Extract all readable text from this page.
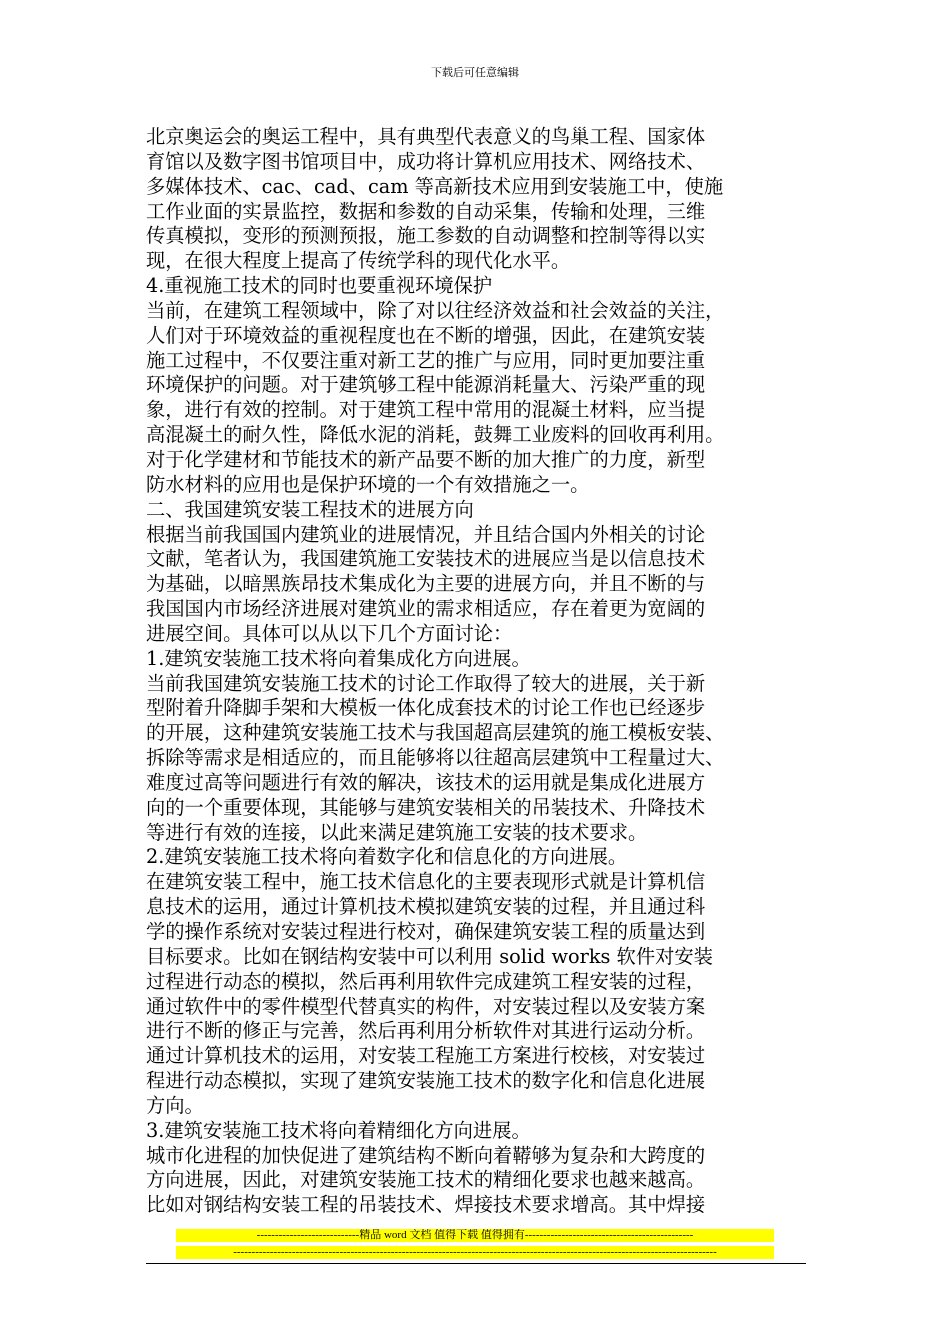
下载后可任意编辑
北京奥运会的奥运工程中，具有典型代表意义的鸟巢工程、国家体
育馆以及数字图书馆项目中，成功将计算机应用技术、网络技术、
多媒体技术、cac、cad、cam 等高新技术应用到安装施工中，使施
工作业面的实景监控，数据和参数的自动采集，传输和处理，三维
传真模拟，变形的预测预报，施工参数的自动调整和控制等得以实
现，在很大程度上提高了传统学科的现代化水平。
4.重视施工技术的同时也要重视环境保护
当前，在建筑工程领域中，除了对以往经济效益和社会效益的关注，
人们对于环境效益的重视程度也在不断的增强，因此，在建筑安装
施工过程中，不仅要注重对新工艺的推广与应用，同时更加要注重
环境保护的问题。对于建筑够工程中能源消耗量大、污染严重的现
象，进行有效的控制。对于建筑工程中常用的混凝土材料，应当提
高混凝土的耐久性，降低水泥的消耗，鼓舞工业废料的回收再利用。
对于化学建材和节能技术的新产品要不断的加大推广的力度，新型
防水材料的应用也是保护环境的一个有效措施之一。
二、我国建筑安装工程技术的进展方向
根据当前我国国内建筑业的进展情况，并且结合国内外相关的讨论
文献，笔者认为，我国建筑施工安装技术的进展应当是以信息技术
为基础，以暗黑族昂技术集成化为主要的进展方向，并且不断的与
我国国内市场经济进展对建筑业的需求相适应，存在着更为宽阔的
进展空间。具体可以从以下几个方面讨论：
1.建筑安装施工技术将向着集成化方向进展。
当前我国建筑安装施工技术的讨论工作取得了较大的进展，关于新
型附着升降脚手架和大模板一体化成套技术的讨论工作也已经逐步
的开展，这种建筑安装施工技术与我国超高层建筑的施工模板安装、
拆除等需求是相适应的，而且能够将以往超高层建筑中工程量过大、
难度过高等问题进行有效的解决，该技术的运用就是集成化进展方
向的一个重要体现，其能够与建筑安装相关的吊装技术、升降技术
等进行有效的连接，以此来满足建筑施工安装的技术要求。
2.建筑安装施工技术将向着数字化和信息化的方向进展。
在建筑安装工程中，施工技术信息化的主要表现形式就是计算机信
息技术的运用，通过计算机技术模拟建筑安装的过程，并且通过科
学的操作系统对安装过程进行校对，确保建筑安装工程的质量达到
目标要求。比如在钢结构安装中可以利用 solid works 软件对安装
过程进行动态的模拟，然后再利用软件完成建筑工程安装的过程，
通过软件中的零件模型代替真实的构件，对安装过程以及安装方案
进行不断的修正与完善，然后再利用分析软件对其进行运动分析。
通过计算机技术的运用，对安装工程施工方案进行校核，对安装过
程进行动态模拟，实现了建筑安装施工技术的数字化和信息化进展
方向。
3.建筑安装施工技术将向着精细化方向进展。
城市化进程的加快促进了建筑结构不断向着鞯够为复杂和大跨度的
方向进展，因此，对建筑安装施工技术的精细化要求也越来越高。
比如对钢结构安装工程的吊装技术、焊接技术要求增高。其中焊接
----------------------------精品 word 文档 值得下载 值得拥有----------------------------------------------
------------------------------------------------------------------------------------------------------------------------------------
